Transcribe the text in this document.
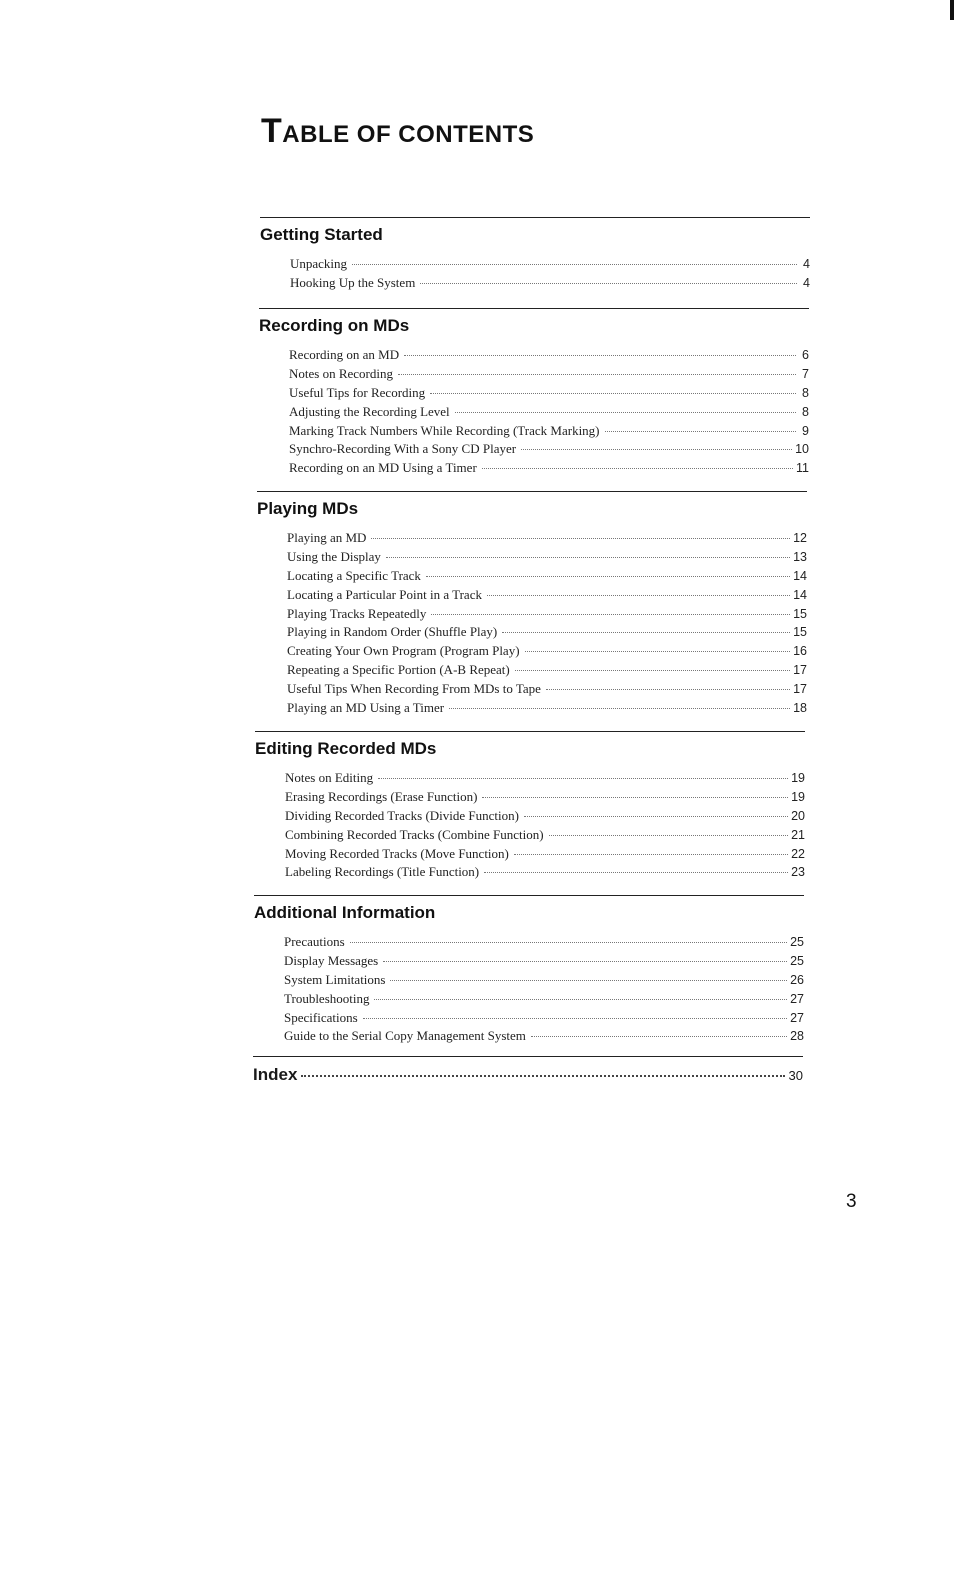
TABLE OF CONTENTS
Getting Started
Unpacking	4
Hooking Up the System	4
Recording on MDs
Recording on an MD	6
Notes on Recording	7
Useful Tips for Recording	8
Adjusting the Recording Level	8
Marking Track Numbers While Recording (Track Marking)	9
Synchro-Recording With a Sony CD Player	10
Recording on an MD Using a Timer	11
Playing MDs
Playing an MD	12
Using the Display	13
Locating a Specific Track	14
Locating a Particular Point in a Track	14
Playing Tracks Repeatedly	15
Playing in Random Order (Shuffle Play)	15
Creating Your Own Program (Program Play)	16
Repeating a Specific Portion (A-B Repeat)	17
Useful Tips When Recording From MDs to Tape	17
Playing an MD Using a Timer	18
Editing Recorded MDs
Notes on Editing	19
Erasing Recordings (Erase Function)	19
Dividing Recorded Tracks (Divide Function)	20
Combining Recorded Tracks (Combine Function)	21
Moving Recorded Tracks (Move Function)	22
Labeling Recordings (Title Function)	23
Additional Information
Precautions	25
Display Messages	25
System Limitations	26
Troubleshooting	27
Specifications	27
Guide to the Serial Copy Management System	28
Index	30
3
